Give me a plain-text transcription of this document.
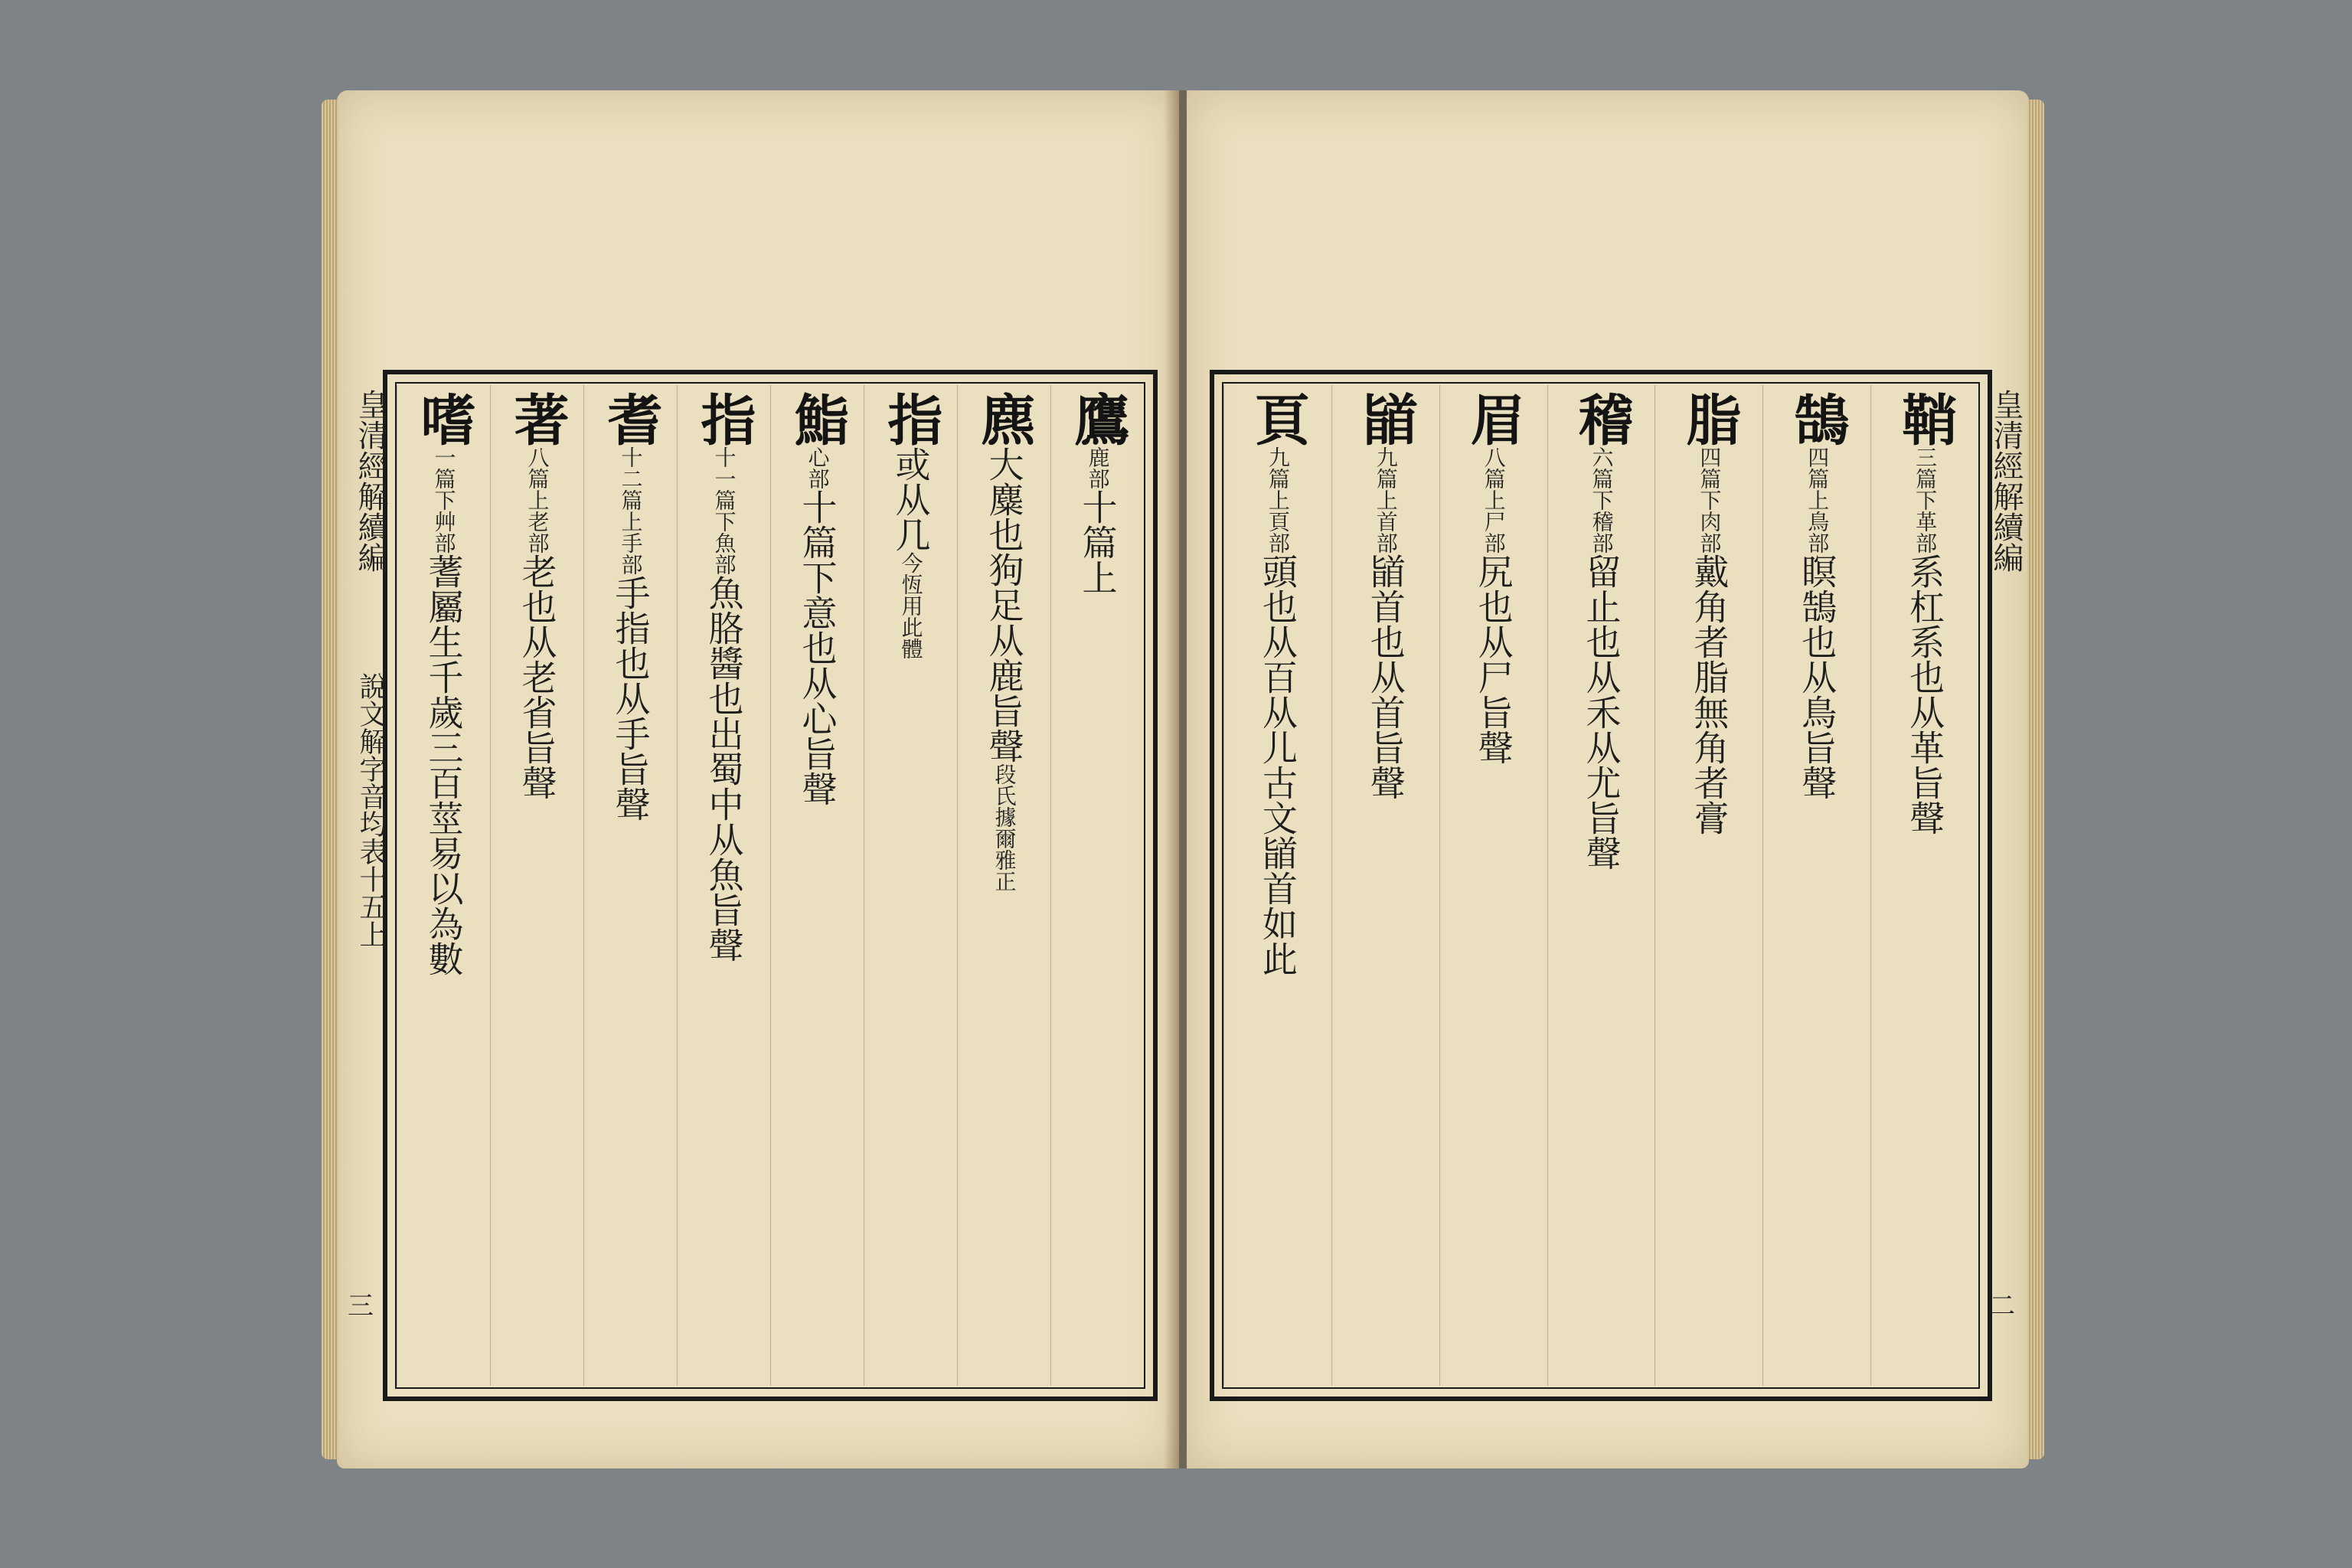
鷹
鹿部
十篇上
麃
大麋也狗足从鹿旨聲
段氏據爾雅正
指
或从几
今恆用此體
鮨
心部
十篇下意也从心旨聲
指
十一篇下魚部
魚胳醬也出蜀中从魚旨聲
耆
十二篇上手部
手指也从手旨聲
著
八篇上老部
老也从老省旨聲
嗜
一篇下艸部
蓍屬生千歲三百莖易以為數
皇清經解續編
說文解字音均表十五上
三
鞘
三篇下革部
系杠系也从革旨聲
鵠
四篇上鳥部
瞑鵠也从鳥旨聲
脂
四篇下肉部
戴角者脂無角者膏
稽
六篇下稽部
留止也从禾从尤旨聲
眉
八篇上尸部
尻也从尸旨聲
䭫
九篇上首部
䭫首也从首旨聲
頁
九篇上頁部
頭也从百从儿古文䭫首如此
皇清經解續編
二
